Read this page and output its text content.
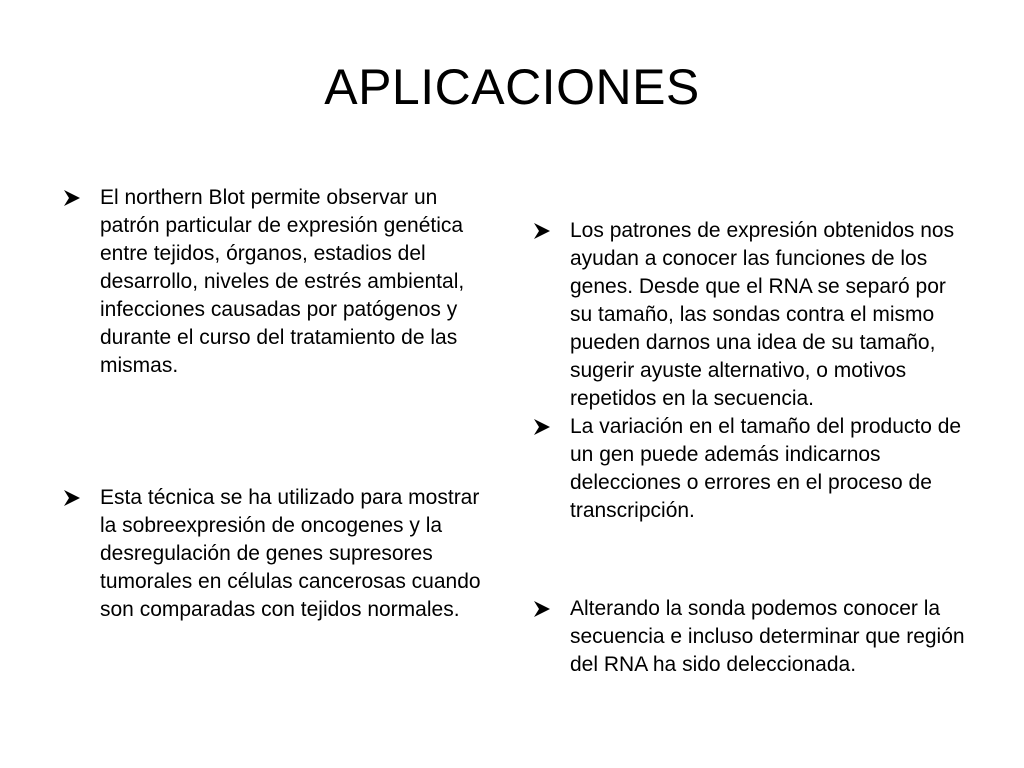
APLICACIONES
El northern Blot permite observar un patrón particular de expresión genética entre tejidos, órganos, estadios del desarrollo, niveles de estrés ambiental, infecciones causadas por patógenos y durante el curso del tratamiento de las mismas.
Esta técnica se ha utilizado para mostrar la sobreexpresión de oncogenes y la desregulación de genes supresores tumorales en células cancerosas cuando son comparadas con tejidos normales.
Los patrones de expresión obtenidos nos ayudan a conocer las funciones de los genes. Desde que el RNA se separó por su tamaño, las sondas contra el mismo pueden darnos una idea de su tamaño, sugerir ayuste alternativo, o motivos repetidos en la secuencia.
La variación en el tamaño del producto de un gen puede además indicarnos delecciones o errores en el proceso de transcripción.
Alterando la sonda podemos conocer la secuencia e incluso determinar que región del RNA ha sido deleccionada.
